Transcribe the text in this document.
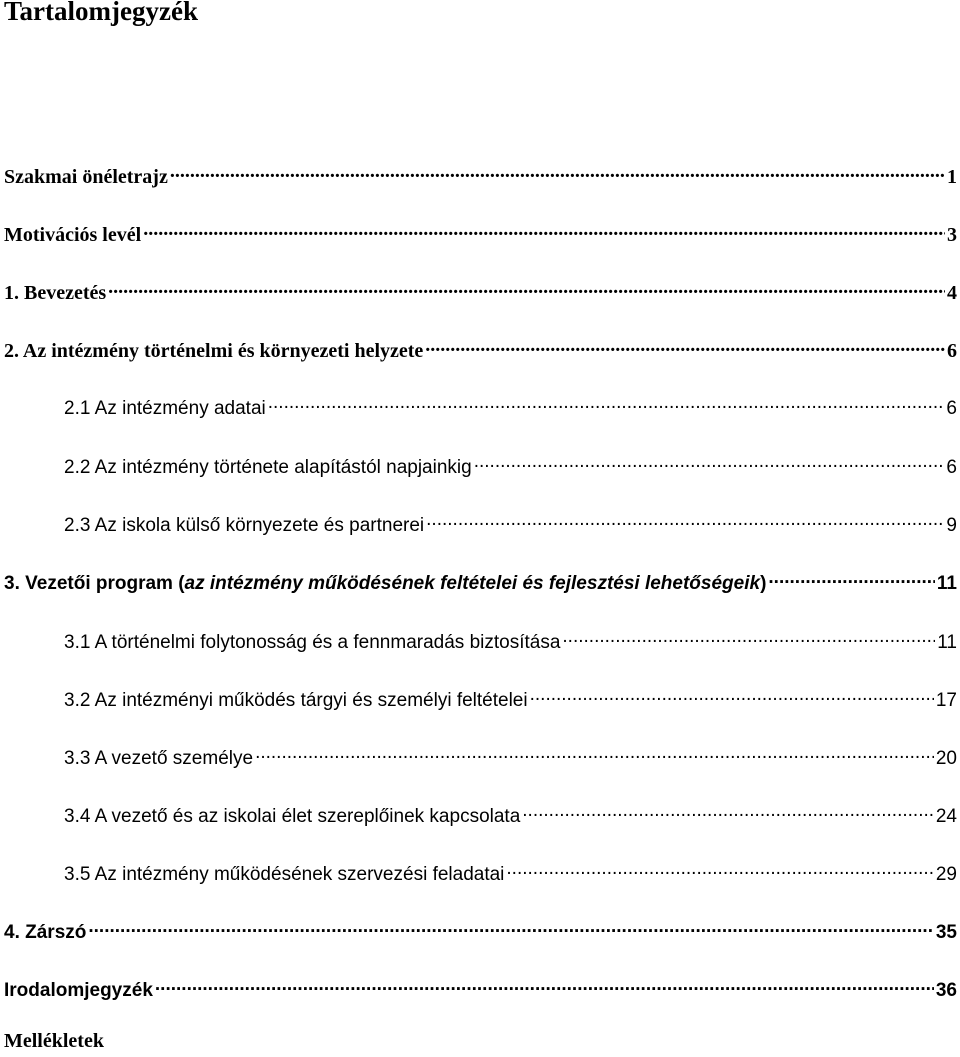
Tartalomjegyzék
Szakmai önéletrajz .....	1
Motivációs levél .....	3
1. Bevezetés .....	4
2. Az intézmény történelmi és környezeti helyzete .....	6
2.1 Az intézmény adatai .....	6
2.2 Az intézmény története alapítástól napjainkig .....	6
2.3 Az iskola külső környezete és partnerei .....	9
3. Vezetői program (az intézmény működésének feltételei és fejlesztési lehetőségeik) .....	11
3.1 A történelmi folytonosság és a fennmaradás biztosítása .....	11
3.2 Az intézményi működés tárgyi és személyi feltételei .....	17
3.3 A vezető személye .....	20
3.4 A vezető és az iskolai élet szereplőinek kapcsolata .....	24
3.5 Az intézmény működésének szervezési feladatai .....	29
4. Zárszó .....	35
Irodalomjegyzék .....	36
Mellékletek
